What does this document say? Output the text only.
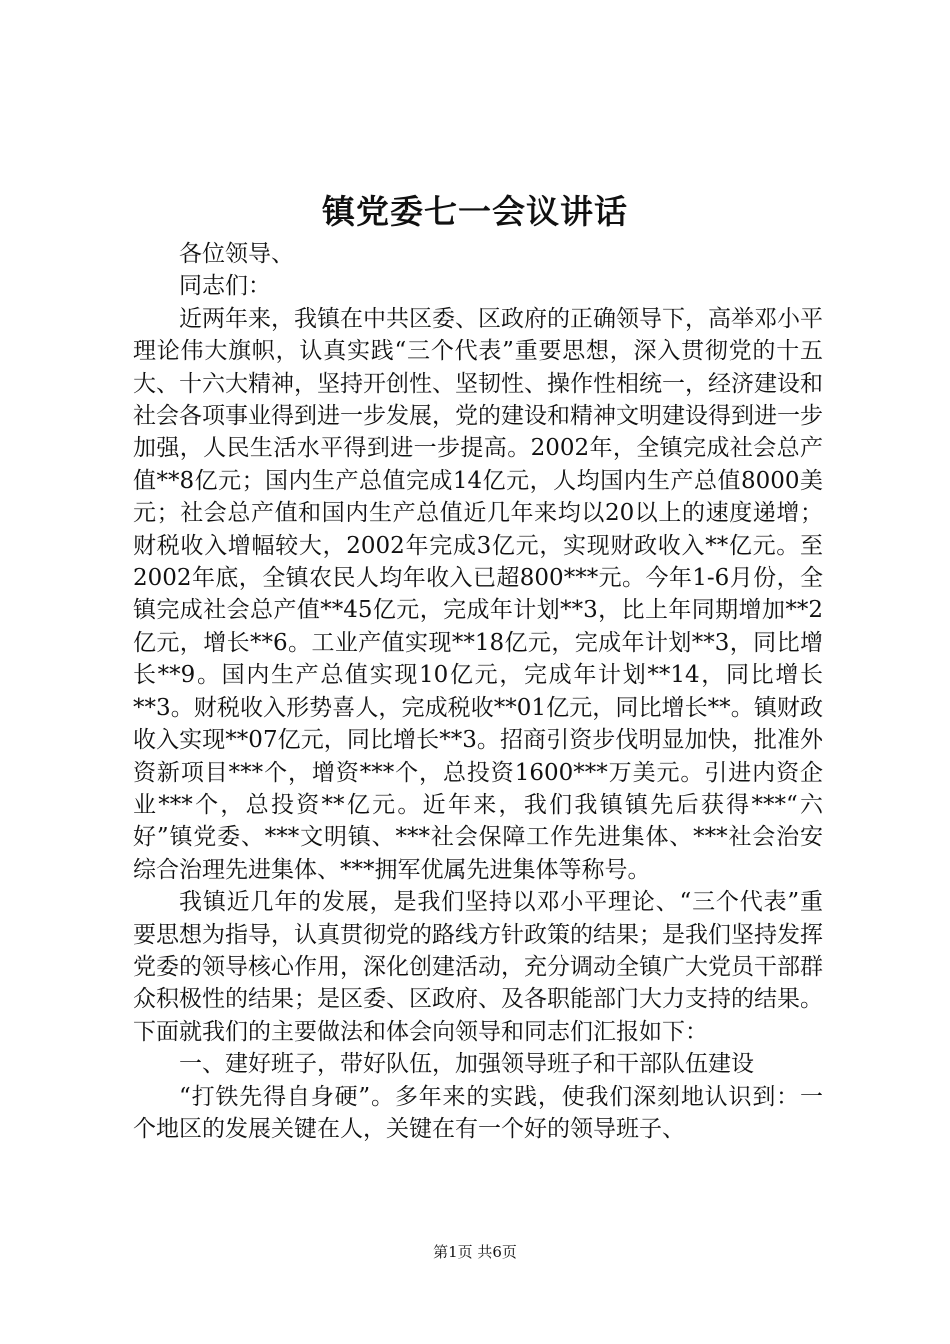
镇党委七一会议讲话

各位领导、

同志们：

近两年来，我镇在中共区委、区政府的正确领导下，高举邓小平理论伟大旗帜，认真实践“三个代表”重要思想，深入贯彻党的十五大、十六大精神，坚持开创性、坚韧性、操作性相统一，经济建设和社会各项事业得到进一步发展，党的建设和精神文明建设得到进一步加强，人民生活水平得到进一步提高。2002年，全镇完成社会总产值**8亿元；国内生产总值完成14亿元，人均国内生产总值8000美元；社会总产值和国内生产总值近几年来均以20以上的速度递增；财税收入增幅较大，2002年完成3亿元，实现财政收入**亿元。至2002年底，全镇农民人均年收入已超800***元。今年1-6月份，全镇完成社会总产值**45亿元，完成年计划**3，比上年同期增加**2亿元，增长**6。工业产值实现**18亿元，完成年计划**3，同比增长**9。国内生产总值实现10亿元，完成年计划**14，同比增长**3。财税收入形势喜人，完成税收**01亿元，同比增长**。镇财政收入实现**07亿元，同比增长**3。招商引资步伐明显加快，批准外资新项目***个，增资***个，总投资1600***万美元。引进内资企业***个，总投资**亿元。近年来，我们我镇镇先后获得***“六好”镇党委、***文明镇、***社会保障工作先进集体、***社会治安综合治理先进集体、***拥军优属先进集体等称号。

我镇近几年的发展，是我们坚持以邓小平理论、“三个代表”重要思想为指导，认真贯彻党的路线方针政策的结果；是我们坚持发挥党委的领导核心作用，深化创建活动，充分调动全镇广大党员干部群众积极性的结果；是区委、区政府、及各职能部门大力支持的结果。下面就我们的主要做法和体会向领导和同志们汇报如下：

一、建好班子，带好队伍，加强领导班子和干部队伍建设

“打铁先得自身硬”。多年来的实践，使我们深刻地认识到：一个地区的发展关键在人，关键在有一个好的领导班子、

第1页 共6页
